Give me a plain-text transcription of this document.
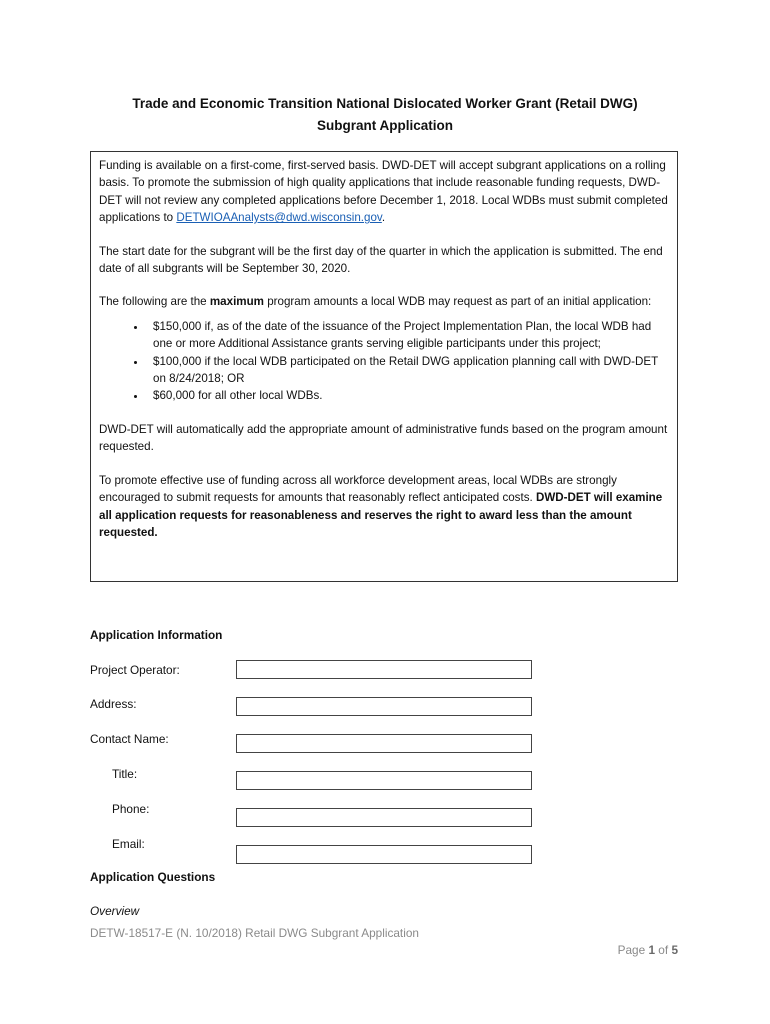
Trade and Economic Transition National Dislocated Worker Grant (Retail DWG)
Subgrant Application

Funding is available on a first-come, first-served basis. DWD-DET will accept subgrant applications on a rolling basis. To promote the submission of high quality applications that include reasonable funding requests, DWD-DET will not review any completed applications before December 1, 2018. Local WDBs must submit completed applications to DETWIOAAnalysts@dwd.wisconsin.gov.

The start date for the subgrant will be the first day of the quarter in which the application is submitted. The end date of all subgrants will be September 30, 2020.

The following are the maximum program amounts a local WDB may request as part of an initial application:

• $150,000 if, as of the date of the issuance of the Project Implementation Plan, the local WDB had one or more Additional Assistance grants serving eligible participants under this project;
• $100,000 if the local WDB participated on the Retail DWG application planning call with DWD-DET on 8/24/2018; OR
• $60,000 for all other local WDBs.

DWD-DET will automatically add the appropriate amount of administrative funds based on the program amount requested.

To promote effective use of funding across all workforce development areas, local WDBs are strongly encouraged to submit requests for amounts that reasonably reflect anticipated costs. DWD-DET will examine all application requests for reasonableness and reserves the right to award less than the amount requested.

Application Information
Project Operator:
Address:
Contact Name:
Title:
Phone:
Email:
Application Questions
Overview
DETW-18517-E (N. 10/2018) Retail DWG Subgrant Application
Page 1 of 5
